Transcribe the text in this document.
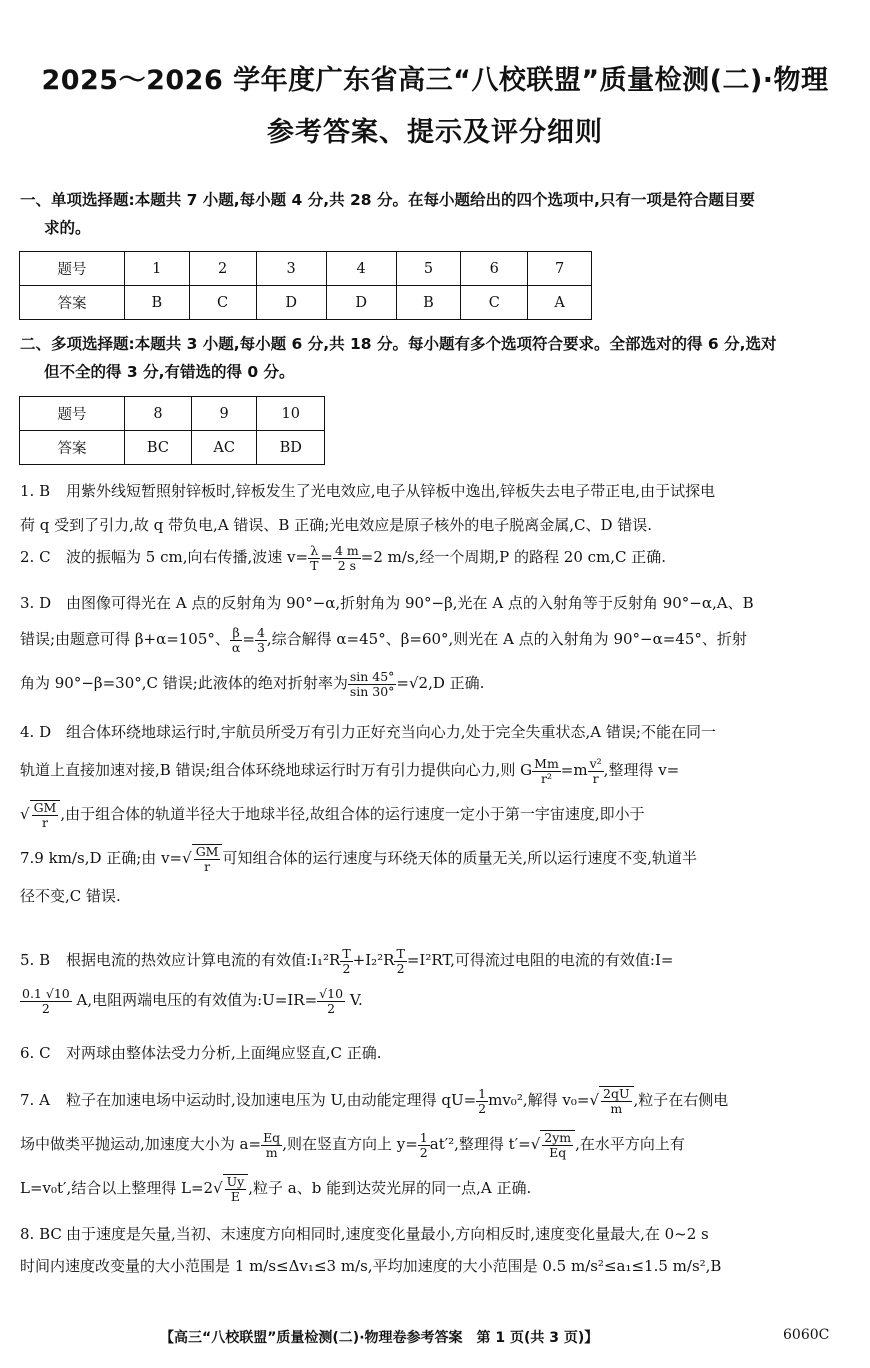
2025～2026 学年度广东省高三“八校联盟”质量检测(二)·物理
参考答案、提示及评分细则
一、单项选择题:本题共 7 小题,每小题 4 分,共 28 分。在每小题给出的四个选项中,只有一项是符合题目要
求的。
题号	1	2	3	4	5	6	7
答案	B	C	D	D	B	C	A
二、多项选择题:本题共 3 小题,每小题 6 分,共 18 分。每小题有多个选项符合要求。全部选对的得 6 分,选对
但不全的得 3 分,有错选的得 0 分。
题号	8	9	10
答案	BC	AC	BD
1. B 用紫外线短暂照射锌板时,锌板发生了光电效应,电子从锌板中逸出,锌板失去电子带正电,由于试探电
荷 q 受到了引力,故 q 带负电,A 错误、B 正确;光电效应是原子核外的电子脱离金属,C、D 错误.
2. C 波的振幅为 5 cm,向右传播,波速 $v= \frac{\lambda}{T} = \frac{4 m}{2 s} =2$ m/s,经一个周期,P 的路程 20 cm,C 正确.
3. D 由图像可得光在 A 点的反射角为 90°−α,折射角为 90°−β,光在 A 点的入射角等于反射角 90°−α,A、B
错误;由题意可得 β+α=105°、 $\frac{\beta}{\alpha} = \frac{4}{3}$ ,综合解得 α=45°、β=60°,则光在 A 点的入射角为 90°−α=45°、折射
角为 90°−β=30°,C 错误;此液体的绝对折射率为 $\frac{\sin 45^\circ}{\sin 30^\circ} =√2,D$ 正确.
4. D 组合体环绕地球运行时,宇航员所受万有引力正好充当向心力,处于完全失重状态,A 错误;不能在同一
轨道上直接加速对接,B 错误;组合体环绕地球运行时万有引力提供向心力,则 G $\frac{Mm}{\text{r²}} =m \frac{\text{v²}}{r}$ ,整理得 v=
√ $\frac{GM}{r}$ ,由于组合体的轨道半径大于地球半径,故组合体的运行速度一定小于第一宇宙速度,即小于
7.9 km/s,D 正确;由 $v=√ \frac{GM}{r}$ 可知组合体的运行速度与环绕天体的质量无关,所以运行速度不变,轨道半
径不变,C 错误.
5. B 根据电流的热效应计算电流的有效值:I₁²R $\frac{T}{2} +I_2^2R \frac{T}{2} =I^2RT$,可得流过电阻的电流的有效值:I=

$\frac{0.1 √10}{2} A$,电阻两端电压的有效值为:U=IR= $\frac{√10}{2} V$.
6. C 对两球由整体法受力分析,上面绳应竖直,C 正确.
7. A 粒子在加速电场中运动时,设加速电压为 U,由动能定理得 $qU= \frac{1}{2} mv_0^2$,解得 $v_0=√ \frac{2qU}{m}$ ,粒子在右侧电
场中做类平抛运动,加速度大小为 $a= \frac{Eq}{m}$ ,则在竖直方向上 $y= \frac{1}{2} at'^2$,整理得 $t'=√ \frac{2ym}{Eq}$ ,在水平方向上有
L=v₀t′,结合以上整理得 $L=2√ \frac{Uy}{E}$ ,粒子 a、b 能到达荧光屏的同一点,A 正确.
8. BC 由于速度是矢量,当初、末速度方向相同时,速度变化量最小,方向相反时,速度变化量最大,在 0~2 s
时间内速度改变量的大小范围是 1 m/s≤Δv₁≤3 m/s,平均加速度的大小范围是 0.5 m/s²≤a₁≤1.5 m/s²,B
【高三“八校联盟”质量检测(二)·物理卷参考答案　第 1 页(共 3 页)】	6060C
